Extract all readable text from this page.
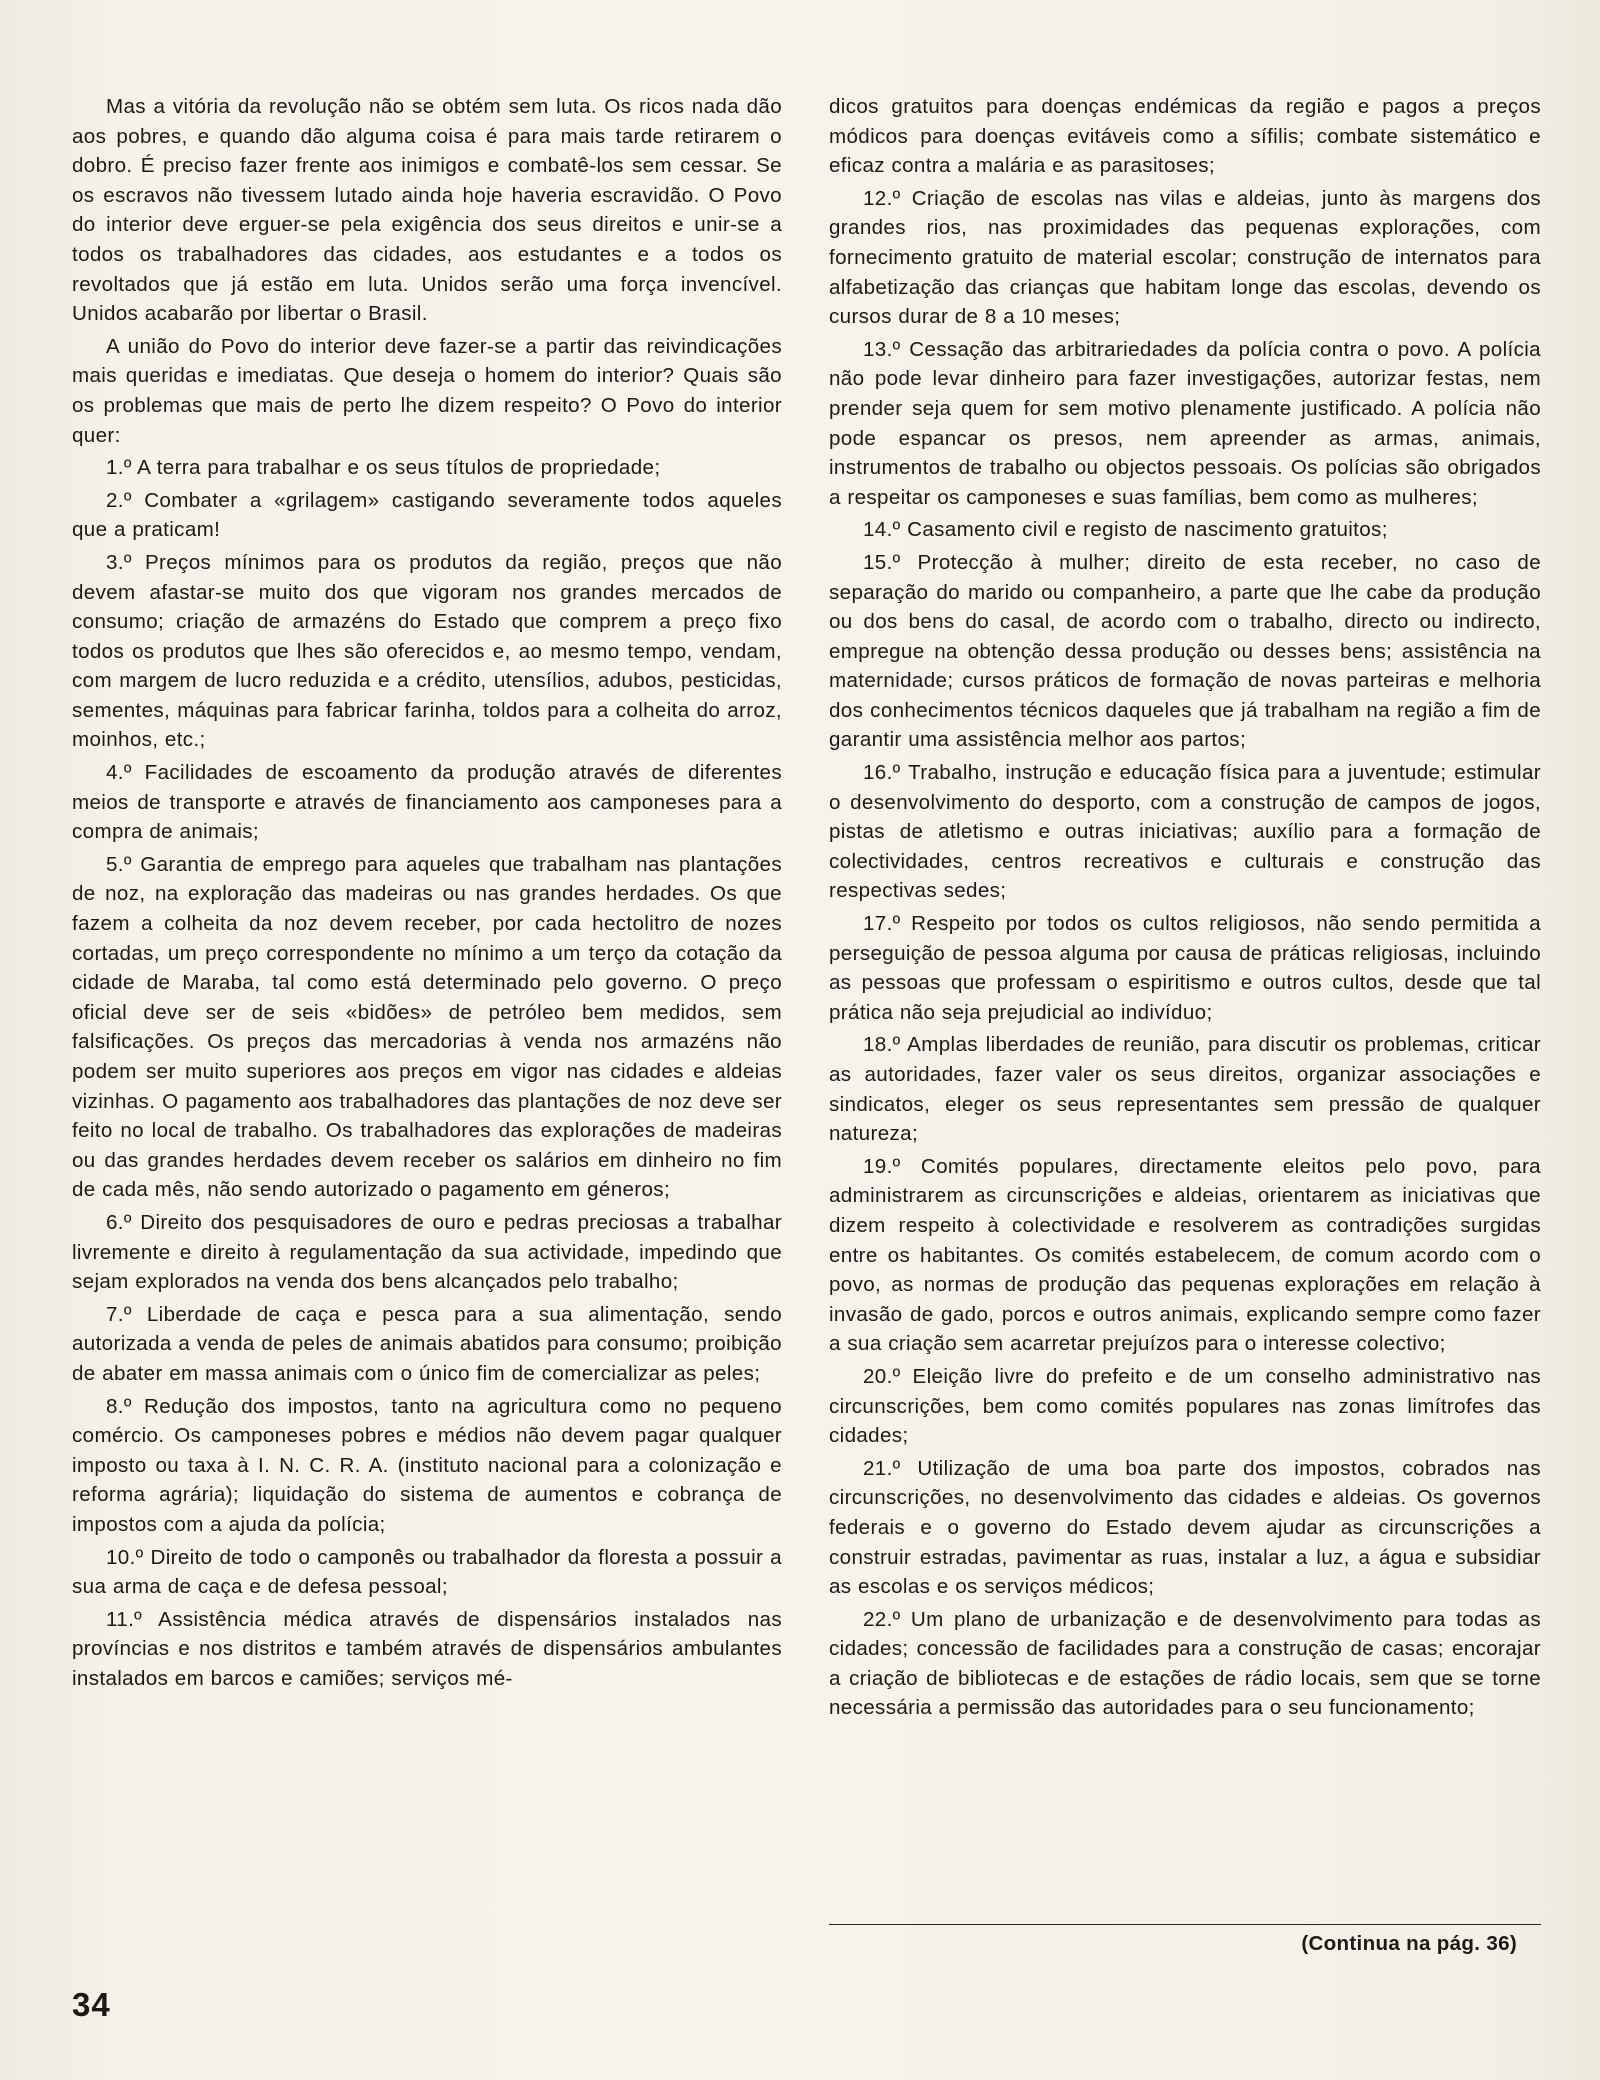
Mas a vitória da revolução não se obtém sem luta. Os ricos nada dão aos pobres, e quando dão alguma coisa é para mais tarde retirarem o dobro. É preciso fazer frente aos inimigos e combatê-los sem cessar. Se os escravos não tivessem lutado ainda hoje haveria escravidão. O Povo do interior deve erguer-se pela exigência dos seus direitos e unir-se a todos os trabalhadores das cidades, aos estudantes e a todos os revoltados que já estão em luta. Unidos serão uma força invencível. Unidos acabarão por libertar o Brasil.

A união do Povo do interior deve fazer-se a partir das reivindicações mais queridas e imediatas. Que deseja o homem do interior? Quais são os problemas que mais de perto lhe dizem respeito? O Povo do interior quer:

1.º A terra para trabalhar e os seus títulos de propriedade;

2.º Combater a «grilagem» castigando severamente todos aqueles que a praticam!

3.º Preços mínimos para os produtos da região, preços que não devem afastar-se muito dos que vigoram nos grandes mercados de consumo; criação de armazéns do Estado que comprem a preço fixo todos os produtos que lhes são oferecidos e, ao mesmo tempo, vendam, com margem de lucro reduzida e a crédito, utensílios, adubos, pesticidas, sementes, máquinas para fabricar farinha, toldos para a colheita do arroz, moinhos, etc.;

4.º Facilidades de escoamento da produção através de diferentes meios de transporte e através de financiamento aos camponeses para a compra de animais;

5.º Garantia de emprego para aqueles que trabalham nas plantações de noz, na exploração das madeiras ou nas grandes herdades. Os que fazem a colheita da noz devem receber, por cada hectolitro de nozes cortadas, um preço correspondente no mínimo a um terço da cotação da cidade de Maraba, tal como está determinado pelo governo. O preço oficial deve ser de seis «bidões» de petróleo bem medidos, sem falsificações. Os preços das mercadorias à venda nos armazéns não podem ser muito superiores aos preços em vigor nas cidades e aldeias vizinhas. O pagamento aos trabalhadores das plantações de noz deve ser feito no local de trabalho. Os trabalhadores das explorações de madeiras ou das grandes herdades devem receber os salários em dinheiro no fim de cada mês, não sendo autorizado o pagamento em géneros;

6.º Direito dos pesquisadores de ouro e pedras preciosas a trabalhar livremente e direito à regulamentação da sua actividade, impedindo que sejam explorados na venda dos bens alcançados pelo trabalho;

7.º Liberdade de caça e pesca para a sua alimentação, sendo autorizada a venda de peles de animais abatidos para consumo; proibição de abater em massa animais com o único fim de comercializar as peles;

8.º Redução dos impostos, tanto na agricultura como no pequeno comércio. Os camponeses pobres e médios não devem pagar qualquer imposto ou taxa à I. N. C. R. A. (instituto nacional para a colonização e reforma agrária); liquidação do sistema de aumentos e cobrança de impostos com a ajuda da polícia;

10.º Direito de todo o camponês ou trabalhador da floresta a possuir a sua arma de caça e de defesa pessoal;

11.º Assistência médica através de dispensários instalados nas províncias e nos distritos e também através de dispensários ambulantes instalados em barcos e camiões; serviços mé-

dicos gratuitos para doenças endémicas da região e pagos a preços módicos para doenças evitáveis como a sífilis; combate sistemático e eficaz contra a malária e as parasitoses;

12.º Criação de escolas nas vilas e aldeias, junto às margens dos grandes rios, nas proximidades das pequenas explorações, com fornecimento gratuito de material escolar; construção de internatos para alfabetização das crianças que habitam longe das escolas, devendo os cursos durar de 8 a 10 meses;

13.º Cessação das arbitrariedades da polícia contra o povo. A polícia não pode levar dinheiro para fazer investigações, autorizar festas, nem prender seja quem for sem motivo plenamente justificado. A polícia não pode espancar os presos, nem apreender as armas, animais, instrumentos de trabalho ou objectos pessoais. Os polícias são obrigados a respeitar os camponeses e suas famílias, bem como as mulheres;

14.º Casamento civil e registo de nascimento gratuitos;

15.º Protecção à mulher; direito de esta receber, no caso de separação do marido ou companheiro, a parte que lhe cabe da produção ou dos bens do casal, de acordo com o trabalho, directo ou indirecto, empregue na obtenção dessa produção ou desses bens; assistência na maternidade; cursos práticos de formação de novas parteiras e melhoria dos conhecimentos técnicos daqueles que já trabalham na região a fim de garantir uma assistência melhor aos partos;

16.º Trabalho, instrução e educação física para a juventude; estimular o desenvolvimento do desporto, com a construção de campos de jogos, pistas de atletismo e outras iniciativas; auxílio para a formação de colectividades, centros recreativos e culturais e construção das respectivas sedes;

17.º Respeito por todos os cultos religiosos, não sendo permitida a perseguição de pessoa alguma por causa de práticas religiosas, incluindo as pessoas que professam o espiritismo e outros cultos, desde que tal prática não seja prejudicial ao indivíduo;

18.º Amplas liberdades de reunião, para discutir os problemas, criticar as autoridades, fazer valer os seus direitos, organizar associações e sindicatos, eleger os seus representantes sem pressão de qualquer natureza;

19.º Comités populares, directamente eleitos pelo povo, para administrarem as circunscrições e aldeias, orientarem as iniciativas que dizem respeito à colectividade e resolverem as contradições surgidas entre os habitantes. Os comités estabelecem, de comum acordo com o povo, as normas de produção das pequenas explorações em relação à invasão de gado, porcos e outros animais, explicando sempre como fazer a sua criação sem acarretar prejuízos para o interesse colectivo;

20.º Eleição livre do prefeito e de um conselho administrativo nas circunscrições, bem como comités populares nas zonas limítrofes das cidades;

21.º Utilização de uma boa parte dos impostos, cobrados nas circunscrições, no desenvolvimento das cidades e aldeias. Os governos federais e o governo do Estado devem ajudar as circunscrições a construir estradas, pavimentar as ruas, instalar a luz, a água e subsidiar as escolas e os serviços médicos;

22.º Um plano de urbanização e de desenvolvimento para todas as cidades; concessão de facilidades para a construção de casas; encorajar a criação de bibliotecas e de estações de rádio locais, sem que se torne necessária a permissão das autoridades para o seu funcionamento;

(Continua na pág. 36)
34
